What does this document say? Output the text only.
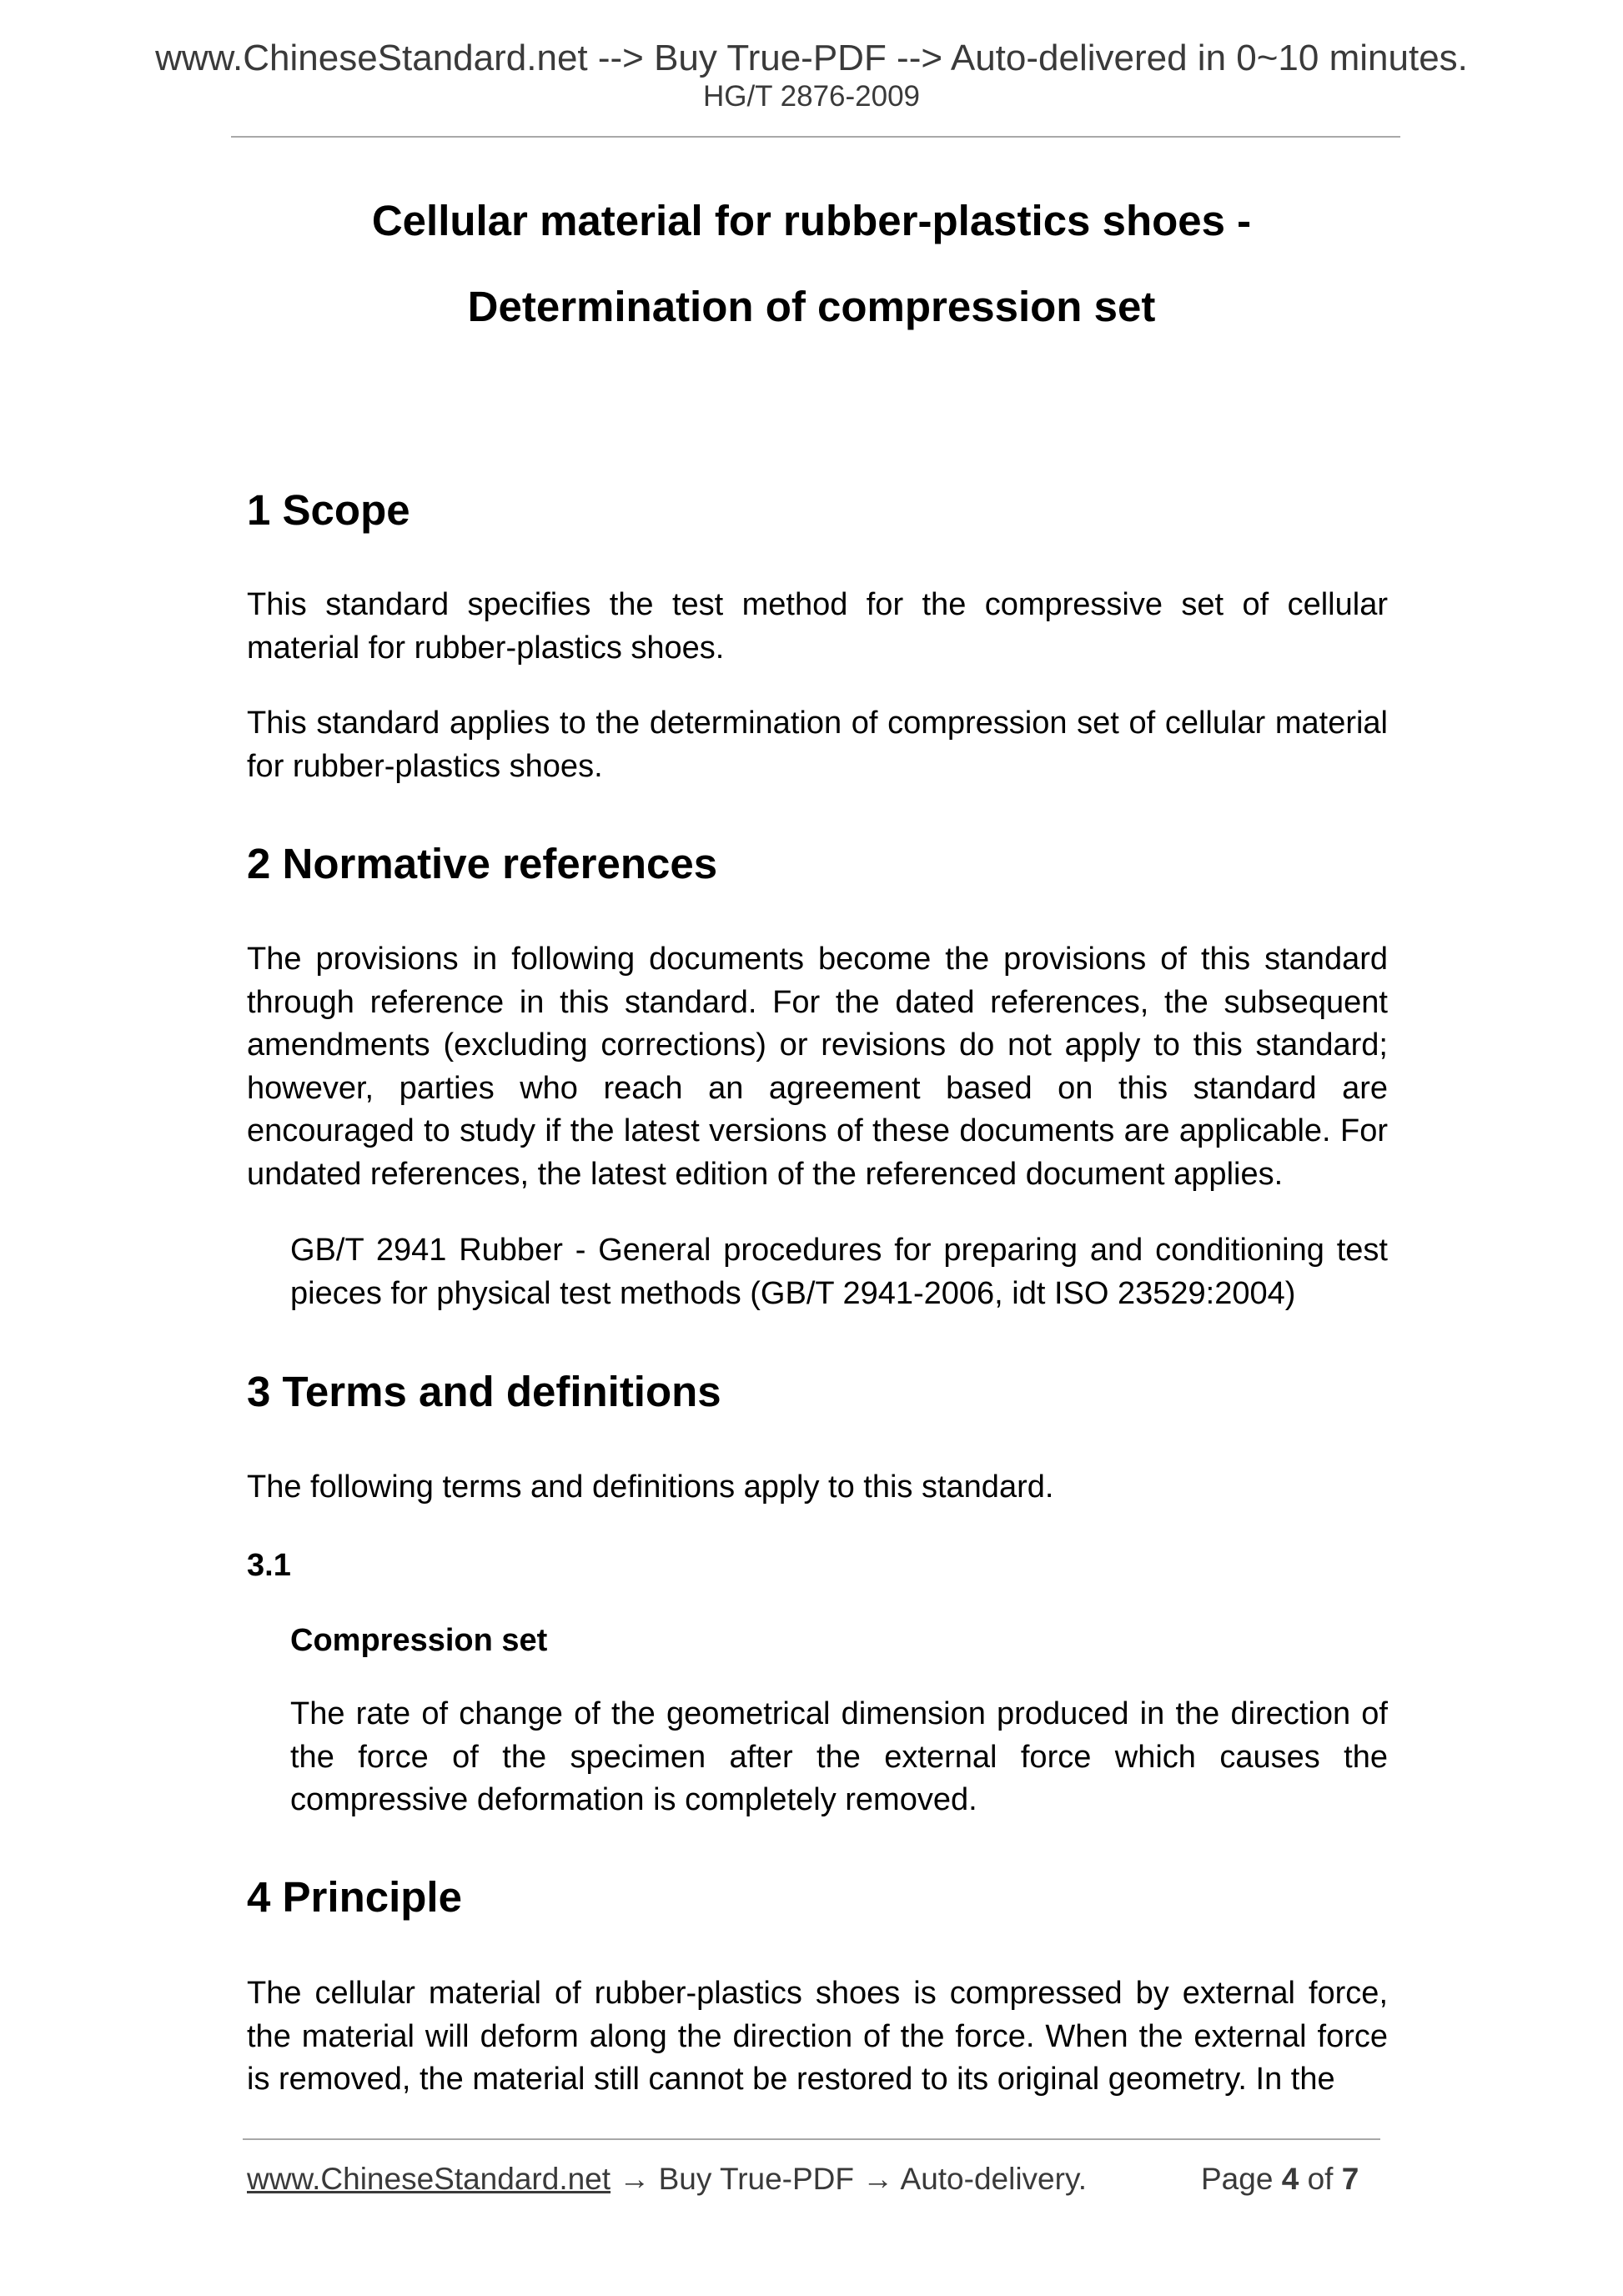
www.ChineseStandard.net --> Buy True-PDF --> Auto-delivered in 0~10 minutes.
HG/T 2876-2009
Cellular material for rubber-plastics shoes -
Determination of compression set
1 Scope
This standard specifies the test method for the compressive set of cellular material for rubber-plastics shoes.
This standard applies to the determination of compression set of cellular material for rubber-plastics shoes.
2 Normative references
The provisions in following documents become the provisions of this standard through reference in this standard. For the dated references, the subsequent amendments (excluding corrections) or revisions do not apply to this standard; however, parties who reach an agreement based on this standard are encouraged to study if the latest versions of these documents are applicable. For undated references, the latest edition of the referenced document applies.
GB/T 2941 Rubber - General procedures for preparing and conditioning test pieces for physical test methods (GB/T 2941-2006, idt ISO 23529:2004)
3 Terms and definitions
The following terms and definitions apply to this standard.
3.1
Compression set
The rate of change of the geometrical dimension produced in the direction of the force of the specimen after the external force which causes the compressive deformation is completely removed.
4 Principle
The cellular material of rubber-plastics shoes is compressed by external force, the material will deform along the direction of the force. When the external force is removed, the material still cannot be restored to its original geometry. In the
www.ChineseStandard.net → Buy True-PDF → Auto-delivery.	Page 4 of 7
